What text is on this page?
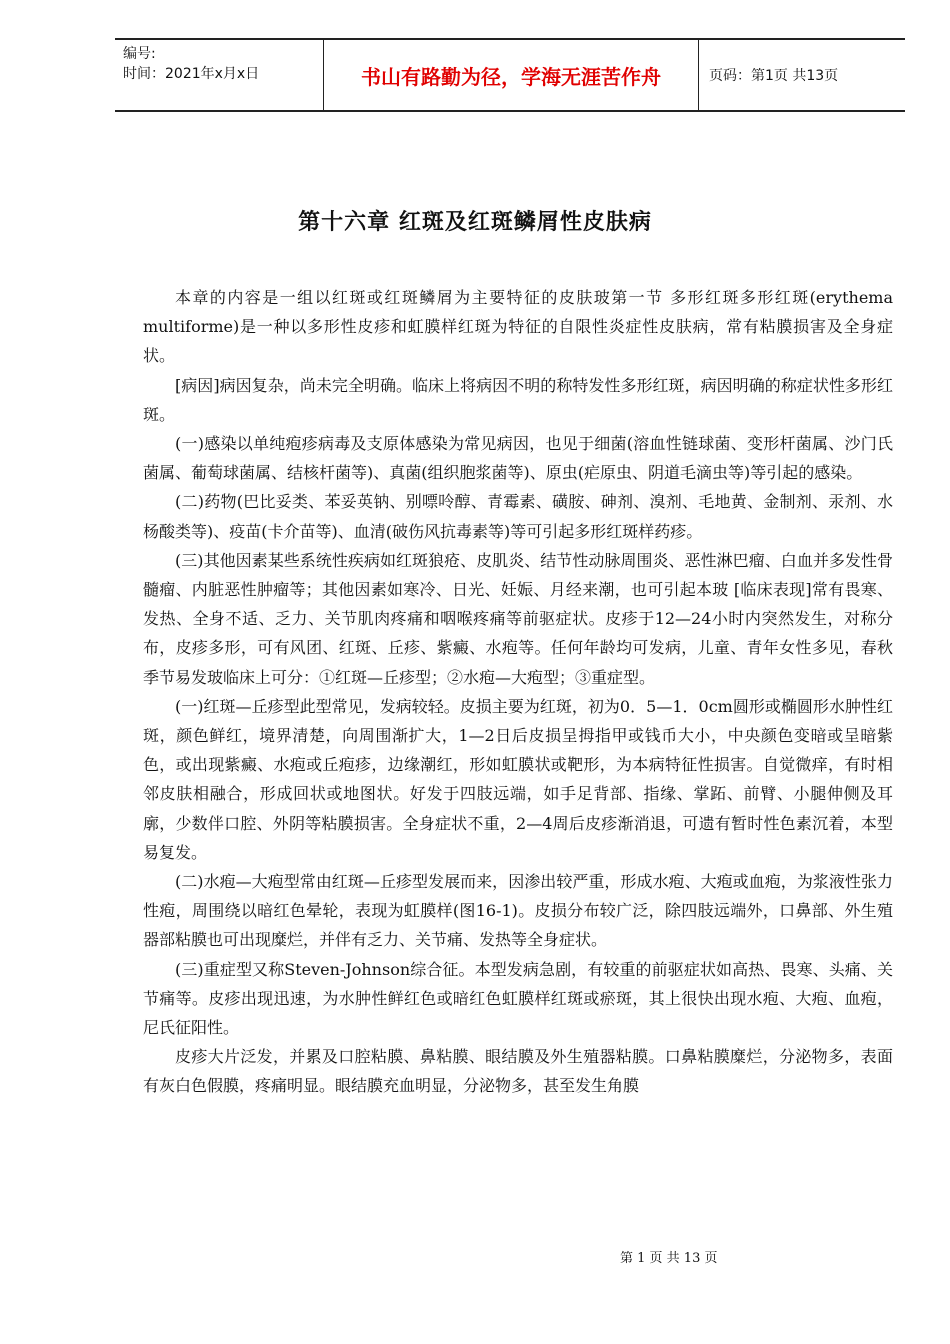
编号:
时间：2021年x月x日	书山有路勤为径，学海无涯苦作舟	页码：第1页 共13页
第十六章 红斑及红斑鳞屑性皮肤病

本章的内容是一组以红斑或红斑鳞屑为主要特征的皮肤玻第一节 多形红斑多形红斑(erythema multiforme)是一种以多形性皮疹和虹膜样红斑为特征的自限性炎症性皮肤病，常有粘膜损害及全身症状。

[病因]病因复杂，尚未完全明确。临床上将病因不明的称特发性多形红斑，病因明确的称症状性多形红斑。

(一)感染以单纯疱疹病毒及支原体感染为常见病因，也见于细菌(溶血性链球菌、变形杆菌属、沙门氏菌属、葡萄球菌属、结核杆菌等)、真菌(组织胞浆菌等)、原虫(疟原虫、阴道毛滴虫等)等引起的感染。

(二)药物(巴比妥类、苯妥英钠、别嘌呤醇、青霉素、磺胺、砷剂、溴剂、毛地黄、金制剂、汞剂、水杨酸类等)、疫苗(卡介苗等)、血清(破伤风抗毒素等)等可引起多形红斑样药疹。

(三)其他因素某些系统性疾病如红斑狼疮、皮肌炎、结节性动脉周围炎、恶性淋巴瘤、白血并多发性骨髓瘤、内脏恶性肿瘤等；其他因素如寒冷、日光、妊娠、月经来潮，也可引起本玻 [临床表现]常有畏寒、发热、全身不适、乏力、关节肌肉疼痛和咽喉疼痛等前驱症状。皮疹于12—24小时内突然发生，对称分布，皮疹多形，可有风团、红斑、丘疹、紫癜、水疱等。任何年龄均可发病，儿童、青年女性多见，春秋季节易发玻临床上可分：①红斑—丘疹型；②水疱—大疱型；③重症型。

(一)红斑—丘疹型此型常见，发病较轻。皮损主要为红斑，初为0．5—1．0cm圆形或椭圆形水肿性红斑，颜色鲜红，境界清楚，向周围渐扩大，1—2日后皮损呈拇指甲或钱币大小，中央颜色变暗或呈暗紫色，或出现紫癜、水疱或丘疱疹，边缘潮红，形如虹膜状或靶形，为本病特征性损害。自觉微痒，有时相邻皮肤相融合，形成回状或地图状。好发于四肢远端，如手足背部、指缘、掌跖、前臂、小腿伸侧及耳廓，少数伴口腔、外阴等粘膜损害。全身症状不重，2—4周后皮疹渐消退，可遗有暂时性色素沉着，本型易复发。

(二)水疱—大疱型常由红斑—丘疹型发展而来，因渗出较严重，形成水疱、大疱或血疱，为浆液性张力性疱，周围绕以暗红色晕轮，表现为虹膜样(图16-1)。皮损分布较广泛，除四肢远端外，口鼻部、外生殖器部粘膜也可出现糜烂，并伴有乏力、关节痛、发热等全身症状。

(三)重症型又称Steven-Johnson综合征。本型发病急剧，有较重的前驱症状如高热、畏寒、头痛、关节痛等。皮疹出现迅速，为水肿性鲜红色或暗红色虹膜样红斑或瘀斑，其上很快出现水疱、大疱、血疱，尼氏征阳性。

皮疹大片泛发，并累及口腔粘膜、鼻粘膜、眼结膜及外生殖器粘膜。口鼻粘膜糜烂，分泌物多，表面有灰白色假膜，疼痛明显。眼结膜充血明显，分泌物多，甚至发生角膜

第 1 页 共 13 页
